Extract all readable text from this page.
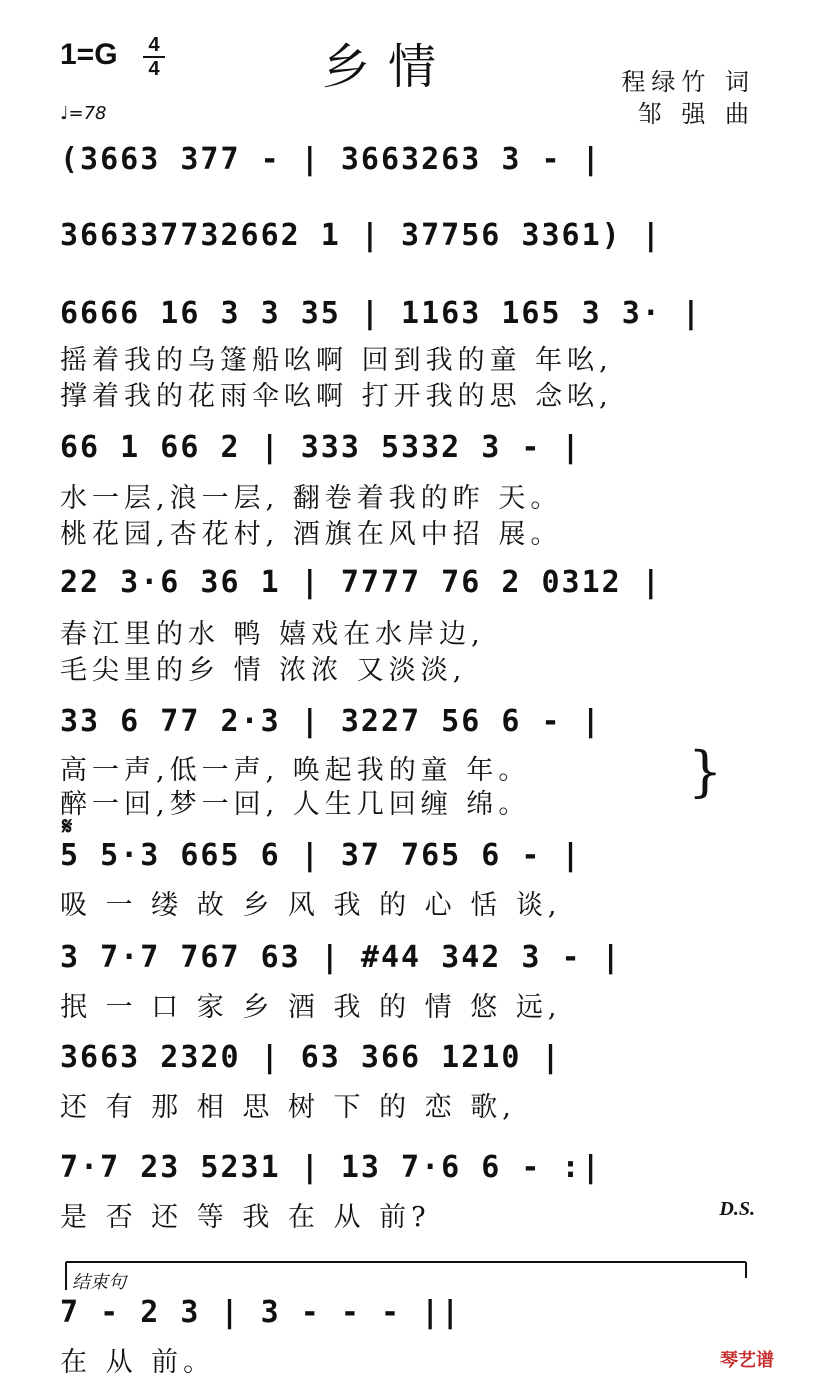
1=G 4
4	乡情	程绿竹 词
邹 强 曲
♩=78
(3663 377 - | 3663263 3 - |
366337732662 1 | 37756 3361) |
6666 16 3 3 35 | 1163 165 3 3· |
摇着我的乌篷船吆啊 回到我的童 年吆,
撑着我的花雨伞吆啊 打开我的思 念吆,
66 1 66 2 | 333 5332 3 - |
水一层,浪一层, 翻卷着我的昨 天。
桃花园,杏花村, 酒旗在风中招 展。
22 3·6 36 1 | 7777 76 2 0312 |
春江里的水 鸭 嬉戏在水岸边,
毛尖里的乡 情 浓浓 又淡淡,
33 6 77 2·3 | 3227 56 6 - |
高一声,低一声, 唤起我的童 年。
醉一回,梦一回, 人生几回缠 绵。
}
𝄋
5 5·3 665 6 | 37 765 6 - |
吸 一 缕 故 乡 风 我 的 心 恬 谈,
3 7·7 767 63 | #44 342 3 - |
抿 一 口 家 乡 酒 我 的 情 悠 远,
3663 2320 | 63 366 1210 |
还 有 那 相 思 树 下 的 恋 歌,
7·7 23 5231 | 13 7·6 6 - :|
是 否 还 等 我 在 从 前?	D.S.
结束句
7 - 2 3 | 3 - - - ||
在 从 前。	琴艺谱
